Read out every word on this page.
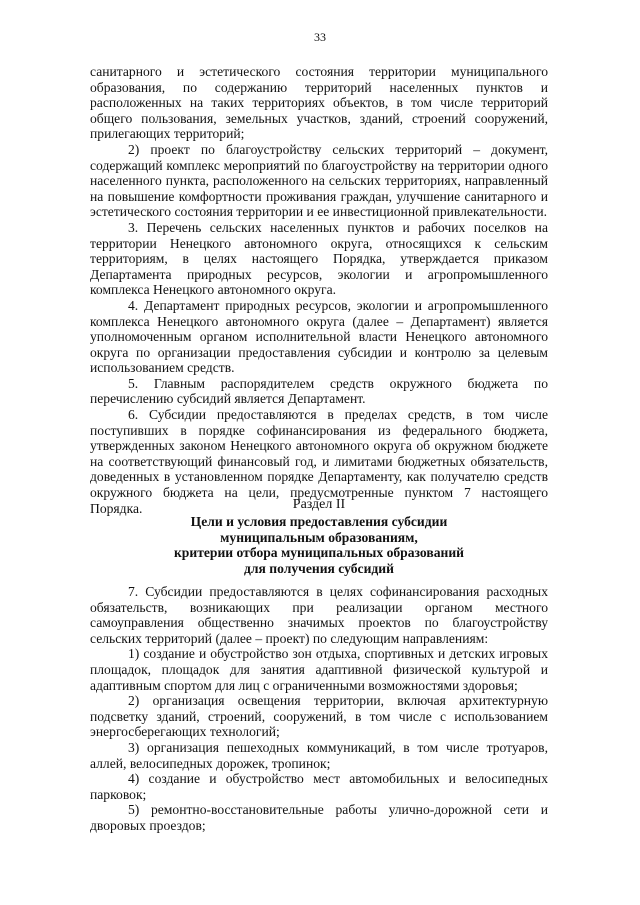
33

санитарного и эстетического состояния территории муниципального образования, по содержанию территорий населенных пунктов и расположенных на таких территориях объектов, в том числе территорий общего пользования, земельных участков, зданий, строений сооружений, прилегающих территорий;

2) проект по благоустройству сельских территорий – документ, содержащий комплекс мероприятий по благоустройству на территории одного населенного пункта, расположенного на сельских территориях, направленный на повышение комфортности проживания граждан, улучшение санитарного и эстетического состояния территории и ее инвестиционной привлекательности.

3. Перечень сельских населенных пунктов и рабочих поселков на территории Ненецкого автономного округа, относящихся к сельским территориям, в целях настоящего Порядка, утверждается приказом Департамента природных ресурсов, экологии и агропромышленного комплекса Ненецкого автономного округа.

4. Департамент природных ресурсов, экологии и агропромышленного комплекса Ненецкого автономного округа (далее – Департамент) является уполномоченным органом исполнительной власти Ненецкого автономного округа по организации предоставления субсидии и контролю за целевым использованием средств.

5. Главным распорядителем средств окружного бюджета по перечислению субсидий является Департамент.

6. Субсидии предоставляются в пределах средств, в том числе поступивших в порядке софинансирования из федерального бюджета, утвержденных законом Ненецкого автономного округа об окружном бюджете на соответствующий финансовый год, и лимитами бюджетных обязательств, доведенных в установленном порядке Департаменту, как получателю средств окружного бюджета на цели, предусмотренные пунктом 7 настоящего Порядка.	Раздел II
Цели и условия предоставления субсидии
муниципальным образованиям,
критерии отбора муниципальных образований
для получения субсидий

7. Субсидии предоставляются в целях софинансирования расходных обязательств, возникающих при реализации органом местного самоуправления общественно значимых проектов по благоустройству сельских территорий (далее – проект) по следующим направлениям:

1) создание и обустройство зон отдыха, спортивных и детских игровых площадок, площадок для занятия адаптивной физической культурой и адаптивным спортом для лиц с ограниченными возможностями здоровья;

2) организация освещения территории, включая архитектурную подсветку зданий, строений, сооружений, в том числе с использованием энергосберегающих технологий;

3) организация пешеходных коммуникаций, в том числе тротуаров, аллей, велосипедных дорожек, тропинок;

4) создание и обустройство мест автомобильных и велосипедных парковок;

5) ремонтно-восстановительные работы улично-дорожной сети и дворовых проездов;
